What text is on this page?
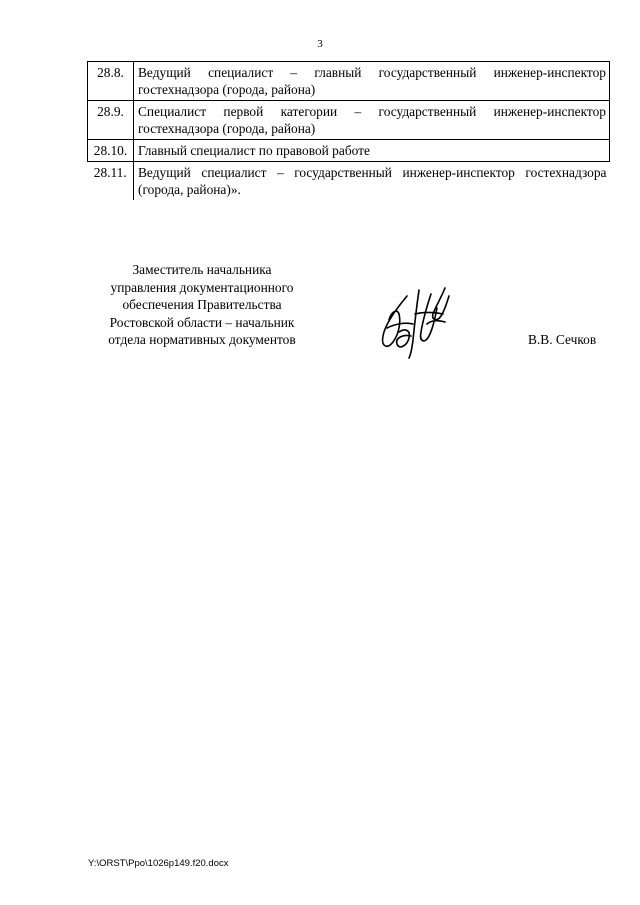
3
28.8.	Ведущий специалист – главный государственный инженер-инспектор гостехнадзора (города, района)
28.9.	Специалист первой категории – государственный инженер-инспектор гостехнадзора (города, района)
28.10.	Главный специалист по правовой работе
28.11.	Ведущий специалист – государственный инженер-инспектор гостехнадзора (города, района)».
Заместитель начальника
управления документационного
обеспечения Правительства
Ростовской области – начальник
отдела нормативных документов	В.В. Сечков
Y:\ORST\Ppo\1026p149.f20.docx
